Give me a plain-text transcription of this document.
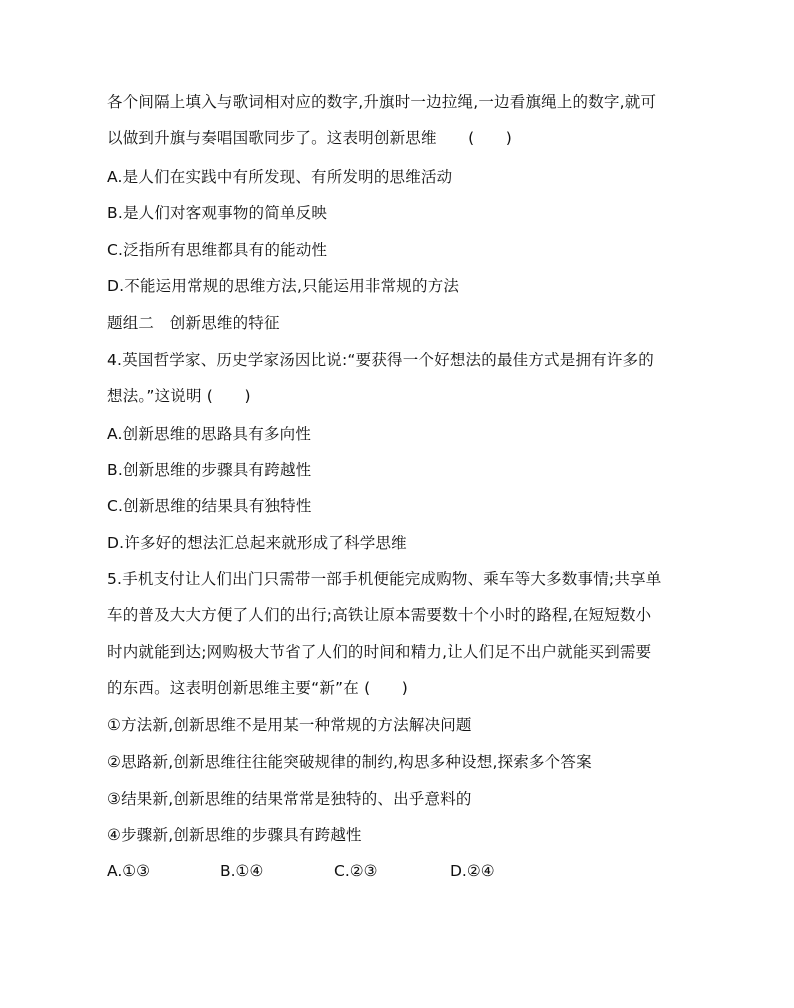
各个间隔上填入与歌词相对应的数字,升旗时一边拉绳,一边看旗绳上的数字,就可
以做到升旗与奏唱国歌同步了。这表明创新思维　　(　　)
A.是人们在实践中有所发现、有所发明的思维活动
B.是人们对客观事物的简单反映
C.泛指所有思维都具有的能动性
D.不能运用常规的思维方法,只能运用非常规的方法
题组二　创新思维的特征
4.英国哲学家、历史学家汤因比说:“要获得一个好想法的最佳方式是拥有许多的
想法。”这说明 (　　)
A.创新思维的思路具有多向性
B.创新思维的步骤具有跨越性
C.创新思维的结果具有独特性
D.许多好的想法汇总起来就形成了科学思维
5.手机支付让人们出门只需带一部手机便能完成购物、乘车等大多数事情;共享单
车的普及大大方便了人们的出行;高铁让原本需要数十个小时的路程,在短短数小
时内就能到达;网购极大节省了人们的时间和精力,让人们足不出户就能买到需要
的东西。这表明创新思维主要“新”在 (　　)
①方法新,创新思维不是用某一种常规的方法解决问题
②思路新,创新思维往往能突破规律的制约,构思多种设想,探索多个答案
③结果新,创新思维的结果常常是独特的、出乎意料的
④步骤新,创新思维的步骤具有跨越性
A.①③	B.①④	C.②③	D.②④
